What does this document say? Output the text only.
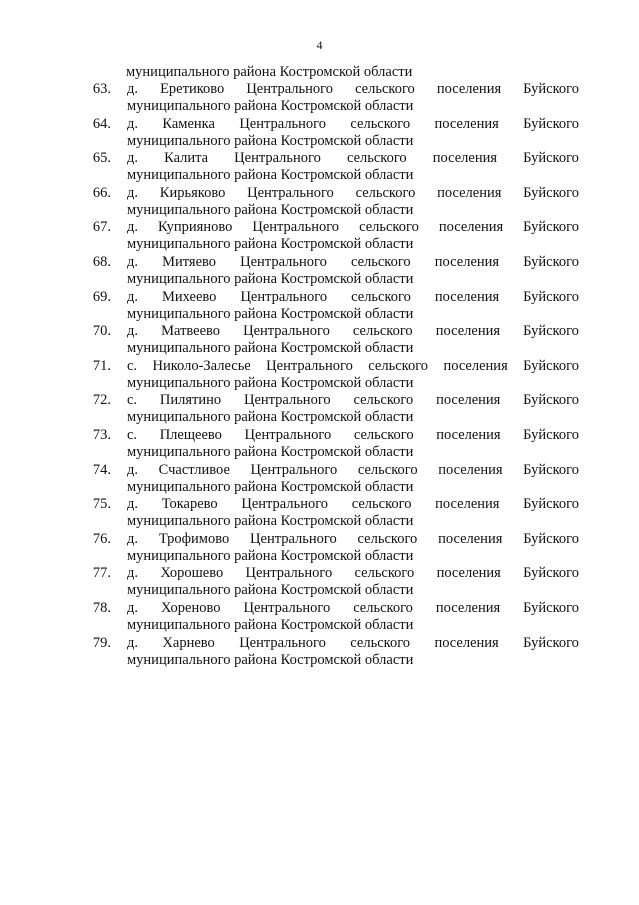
4
муниципального района Костромской области
63. д. Еретиково Центрального сельского поселения Буйского
муниципального района Костромской области
64. д. Каменка Центрального сельского поселения Буйского
муниципального района Костромской области
65. д. Калита Центрального сельского поселения Буйского
муниципального района Костромской области
66. д. Кирьяково Центрального сельского поселения Буйского
муниципального района Костромской области
67. д. Куприяново Центрального сельского поселения Буйского
муниципального района Костромской области
68. д. Митяево Центрального сельского поселения Буйского
муниципального района Костромской области
69. д. Михеево Центрального сельского поселения Буйского
муниципального района Костромской области
70. д. Матвеево Центрального сельского поселения Буйского
муниципального района Костромской области
71. с. Николо-Залесье Центрального сельского поселения Буйского
муниципального района Костромской области
72. с. Пилятино Центрального сельского поселения Буйского
муниципального района Костромской области
73. с. Плещеево Центрального сельского поселения Буйского
муниципального района Костромской области
74. д. Счастливое Центрального сельского поселения Буйского
муниципального района Костромской области
75. д. Токарево Центрального сельского поселения Буйского
муниципального района Костромской области
76. д. Трофимово Центрального сельского поселения Буйского
муниципального района Костромской области
77. д. Хорошево Центрального сельского поселения Буйского
муниципального района Костромской области
78. д. Хореново Центрального сельского поселения Буйского
муниципального района Костромской области
79. д. Харнево Центрального сельского поселения Буйского
муниципального района Костромской области
